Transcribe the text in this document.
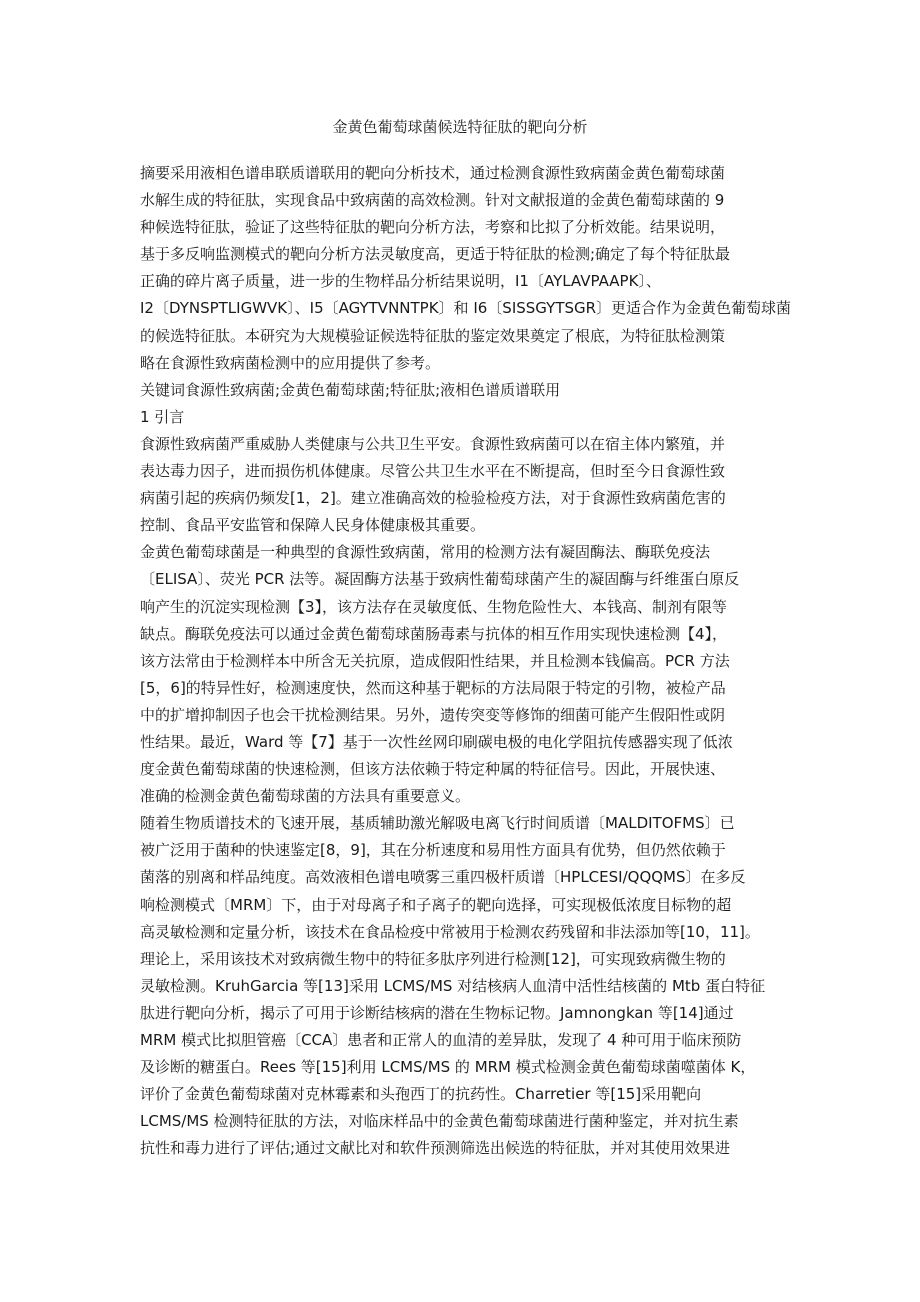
金黄色葡萄球菌候选特征肽的靶向分析
摘要采用液相色谱串联质谱联用的靶向分析技术，通过检测食源性致病菌金黄色葡萄球菌
水解生成的特征肽，实现食品中致病菌的高效检测。针对文献报道的金黄色葡萄球菌的 9
种候选特征肽，验证了这些特征肽的靶向分析方法，考察和比拟了分析效能。结果说明，
基于多反响监测模式的靶向分析方法灵敏度高，更适于特征肽的检测;确定了每个特征肽最
正确的碎片离子质量，进一步的生物样品分析结果说明，I1〔AYLAVPAAPK〕、
I2〔DYNSPTLIGWVK〕、I5〔AGYTVNNTPK〕和 I6〔SISSGYTSGR〕更适合作为金黄色葡萄球菌
的候选特征肽。本研究为大规模验证候选特征肽的鉴定效果奠定了根底，为特征肽检测策
略在食源性致病菌检测中的应用提供了参考。
关键词食源性致病菌;金黄色葡萄球菌;特征肽;液相色谱质谱联用
1 引言
食源性致病菌严重威胁人类健康与公共卫生平安。食源性致病菌可以在宿主体内繁殖，并
表达毒力因子，进而损伤机体健康。尽管公共卫生水平在不断提高，但时至今日食源性致
病菌引起的疾病仍频发[1，2]。建立准确高效的检验检疫方法，对于食源性致病菌危害的
控制、食品平安监管和保障人民身体健康极其重要。
金黄色葡萄球菌是一种典型的食源性致病菌，常用的检测方法有凝固酶法、酶联免疫法
〔ELISA〕、荧光 PCR 法等。凝固酶方法基于致病性葡萄球菌产生的凝固酶与纤维蛋白原反
响产生的沉淀实现检测【3】，该方法存在灵敏度低、生物危险性大、本钱高、制剂有限等
缺点。酶联免疫法可以通过金黄色葡萄球菌肠毒素与抗体的相互作用实现快速检测【4】，
该方法常由于检测样本中所含无关抗原，造成假阳性结果，并且检测本钱偏高。PCR 方法
[5，6]的特异性好，检测速度快，然而这种基于靶标的方法局限于特定的引物，被检产品
中的扩增抑制因子也会干扰检测结果。另外，遗传突变等修饰的细菌可能产生假阳性或阴
性结果。最近，Ward 等【7】基于一次性丝网印刷碳电极的电化学阻抗传感器实现了低浓
度金黄色葡萄球菌的快速检测，但该方法依赖于特定种属的特征信号。因此，开展快速、
准确的检测金黄色葡萄球菌的方法具有重要意义。
随着生物质谱技术的飞速开展，基质辅助激光解吸电离飞行时间质谱〔MALDITOFMS〕已
被广泛用于菌种的快速鉴定[8，9]，其在分析速度和易用性方面具有优势，但仍然依赖于
菌落的别离和样品纯度。高效液相色谱电喷雾三重四极杆质谱〔HPLCESI/QQQMS〕在多反
响检测模式〔MRM〕下，由于对母离子和子离子的靶向选择，可实现极低浓度目标物的超
高灵敏检测和定量分析，该技术在食品检疫中常被用于检测农药残留和非法添加等[10，11]。
理论上，采用该技术对致病微生物中的特征多肽序列进行检测[12]，可实现致病微生物的
灵敏检测。KruhGarcia 等[13]采用 LCMS/MS 对结核病人血清中活性结核菌的 Mtb 蛋白特征
肽进行靶向分析，揭示了可用于诊断结核病的潜在生物标记物。Jamnongkan 等[14]通过
MRM 模式比拟胆管癌〔CCA〕患者和正常人的血清的差异肽，发现了 4 种可用于临床预防
及诊断的糖蛋白。Rees 等[15]利用 LCMS/MS 的 MRM 模式检测金黄色葡萄球菌噬菌体 K，
评价了金黄色葡萄球菌对克林霉素和头孢西丁的抗药性。Charretier 等[15]采用靶向
LCMS/MS 检测特征肽的方法，对临床样品中的金黄色葡萄球菌进行菌种鉴定，并对抗生素
抗性和毒力进行了评估;通过文献比对和软件预测筛选出候选的特征肽，并对其使用效果进
